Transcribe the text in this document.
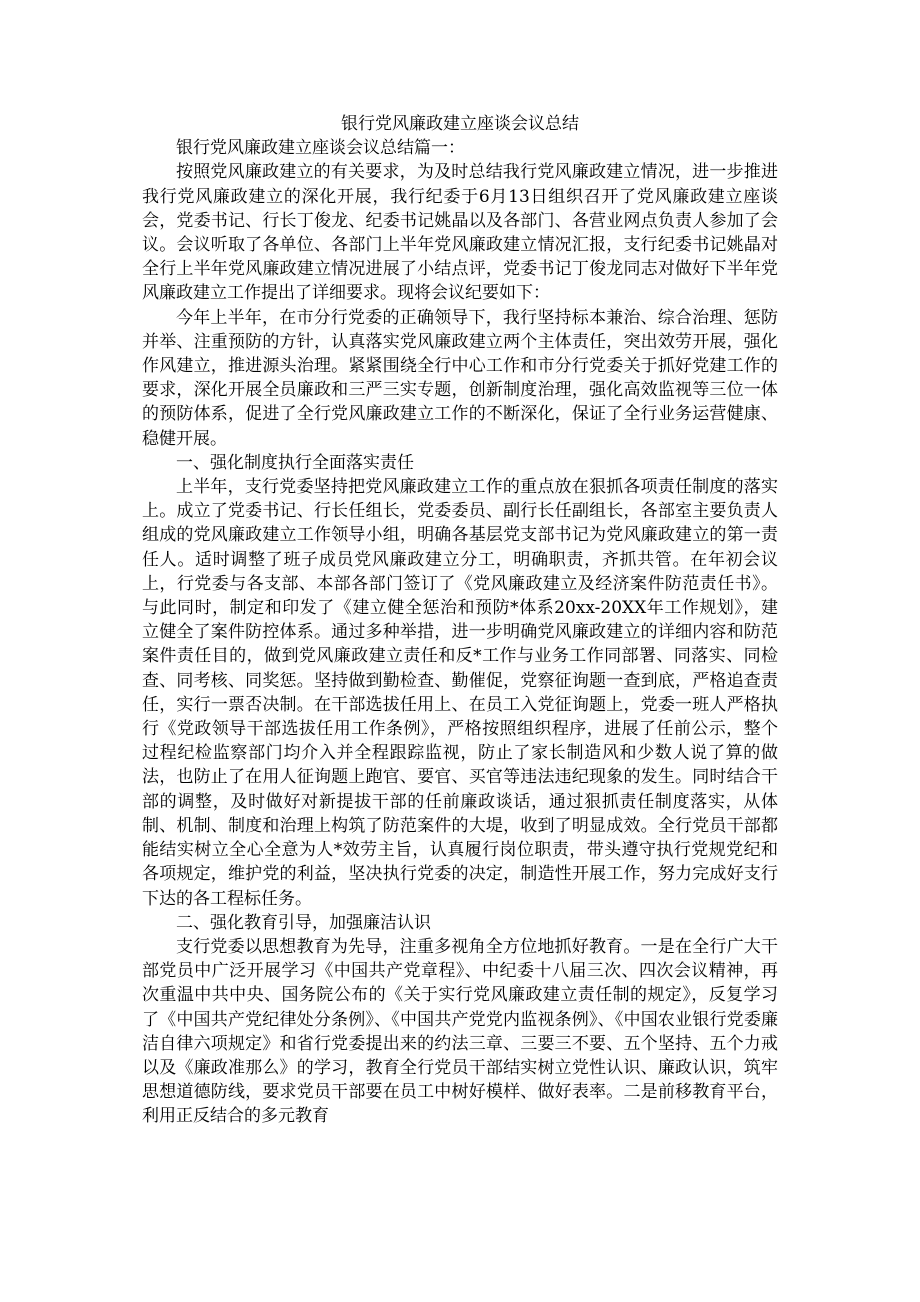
银行党风廉政建立座谈会议总结

银行党风廉政建立座谈会议总结篇一：

按照党风廉政建立的有关要求，为及时总结我行党风廉政建立情况，进一步推进我行党风廉政建立的深化开展，我行纪委于6月13日组织召开了党风廉政建立座谈会，党委书记、行长丁俊龙、纪委书记姚晶以及各部门、各营业网点负责人参加了会议。会议听取了各单位、各部门上半年党风廉政建立情况汇报，支行纪委书记姚晶对全行上半年党风廉政建立情况进展了小结点评，党委书记丁俊龙同志对做好下半年党风廉政建立工作提出了详细要求。现将会议纪要如下：

今年上半年，在市分行党委的正确领导下，我行坚持标本兼治、综合治理、惩防并举、注重预防的方针，认真落实党风廉政建立两个主体责任，突出效劳开展，强化作风建立，推进源头治理。紧紧围绕全行中心工作和市分行党委关于抓好党建工作的要求，深化开展全员廉政和三严三实专题，创新制度治理，强化高效监视等三位一体的预防体系，促进了全行党风廉政建立工作的不断深化，保证了全行业务运营健康、稳健开展。

一、强化制度执行全面落实责任

上半年，支行党委坚持把党风廉政建立工作的重点放在狠抓各项责任制度的落实上。成立了党委书记、行长任组长，党委委员、副行长任副组长，各部室主要负责人组成的党风廉政建立工作领导小组，明确各基层党支部书记为党风廉政建立的第一责任人。适时调整了班子成员党风廉政建立分工，明确职责，齐抓共管。在年初会议上，行党委与各支部、本部各部门签订了《党风廉政建立及经济案件防范责任书》。与此同时，制定和印发了《建立健全惩治和预防*体系20xx-20XX年工作规划》，建立健全了案件防控体系。通过多种举措，进一步明确党风廉政建立的详细内容和防范案件责任目的，做到党风廉政建立责任和反*工作与业务工作同部署、同落实、同检查、同考核、同奖惩。坚持做到勤检查、勤催促，党察征询题一查到底，严格追查责任，实行一票否决制。在干部选拔任用上、在员工入党征询题上，党委一班人严格执行《党政领导干部选拔任用工作条例》，严格按照组织程序，进展了任前公示，整个过程纪检监察部门均介入并全程跟踪监视，防止了家长制造风和少数人说了算的做法，也防止了在用人征询题上跑官、要官、买官等违法违纪现象的发生。同时结合干部的调整，及时做好对新提拔干部的任前廉政谈话，通过狠抓责任制度落实，从体制、机制、制度和治理上构筑了防范案件的大堤，收到了明显成效。全行党员干部都能结实树立全心全意为人*效劳主旨，认真履行岗位职责，带头遵守执行党规党纪和各项规定，维护党的利益，坚决执行党委的决定，制造性开展工作，努力完成好支行下达的各工程标任务。

二、强化教育引导，加强廉洁认识

支行党委以思想教育为先导，注重多视角全方位地抓好教育。一是在全行广大干部党员中广泛开展学习《中国共产党章程》、中纪委十八届三次、四次会议精神，再次重温中共中央、国务院公布的《关于实行党风廉政建立责任制的规定》，反复学习了《中国共产党纪律处分条例》、《中国共产党党内监视条例》、《中国农业银行党委廉洁自律六项规定》和省行党委提出来的约法三章、三要三不要、五个坚持、五个力戒以及《廉政准那么》的学习，教育全行党员干部结实树立党性认识、廉政认识，筑牢思想道德防线，要求党员干部要在员工中树好模样、做好表率。二是前移教育平台，利用正反结合的多元教育
